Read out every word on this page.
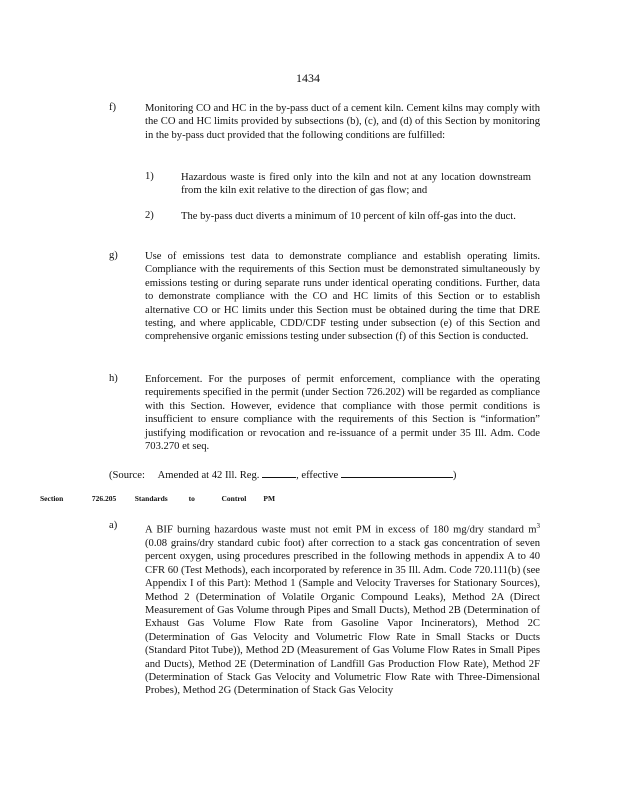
1434
f)	Monitoring CO and HC in the by-pass duct of a cement kiln. Cement kilns may comply with the CO and HC limits provided by subsections (b), (c), and (d) of this Section by monitoring in the by-pass duct provided that the following conditions are fulfilled:
1)	Hazardous waste is fired only into the kiln and not at any location downstream from the kiln exit relative to the direction of gas flow; and
2)	The by-pass duct diverts a minimum of 10 percent of kiln off-gas into the duct.
g)	Use of emissions test data to demonstrate compliance and establish operating limits. Compliance with the requirements of this Section must be demonstrated simultaneously by emissions testing or during separate runs under identical operating conditions. Further, data to demonstrate compliance with the CO and HC limits of this Section or to establish alternative CO or HC limits under this Section must be obtained during the time that DRE testing, and where applicable, CDD/CDF testing under subsection (e) of this Section and comprehensive organic emissions testing under subsection (f) of this Section is conducted.
h)	Enforcement. For the purposes of permit enforcement, compliance with the operating requirements specified in the permit (under Section 726.202) will be regarded as compliance with this Section. However, evidence that compliance with those permit conditions is insufficient to ensure compliance with the requirements of this Section is “information” justifying modification or revocation and re-issuance of a permit under 35 Ill. Adm. Code 703.270 et seq.
(Source: Amended at 42 Ill. Reg.	, effective	)
Section	726.205 Standards	to	Control PM
a)	A BIF burning hazardous waste must not emit PM in excess of 180 mg/dry standard $m^3$ (0.08 grains/dry standard cubic foot) after correction to a stack gas concentration of seven percent oxygen, using procedures prescribed in the following methods in appendix A to 40 CFR 60 (Test Methods), each incorporated by reference in 35 Ill. Adm. Code 720.111(b) (see Appendix I of this Part): Method 1 (Sample and Velocity Traverses for Stationary Sources), Method 2 (Determination of Volatile Organic Compound Leaks), Method 2A (Direct Measurement of Gas Volume through Pipes and Small Ducts), Method 2B (Determination of Exhaust Gas Volume Flow Rate from Gasoline Vapor Incinerators), Method 2C (Determination of Gas Velocity and Volumetric Flow Rate in Small Stacks or Ducts (Standard Pitot Tube)), Method 2D (Measurement of Gas Volume Flow Rates in Small Pipes and Ducts), Method 2E (Determination of Landfill Gas Production Flow Rate), Method 2F (Determination of Stack Gas Velocity and Volumetric Flow Rate with Three-Dimensional Probes), Method 2G (Determination of Stack Gas Velocity
